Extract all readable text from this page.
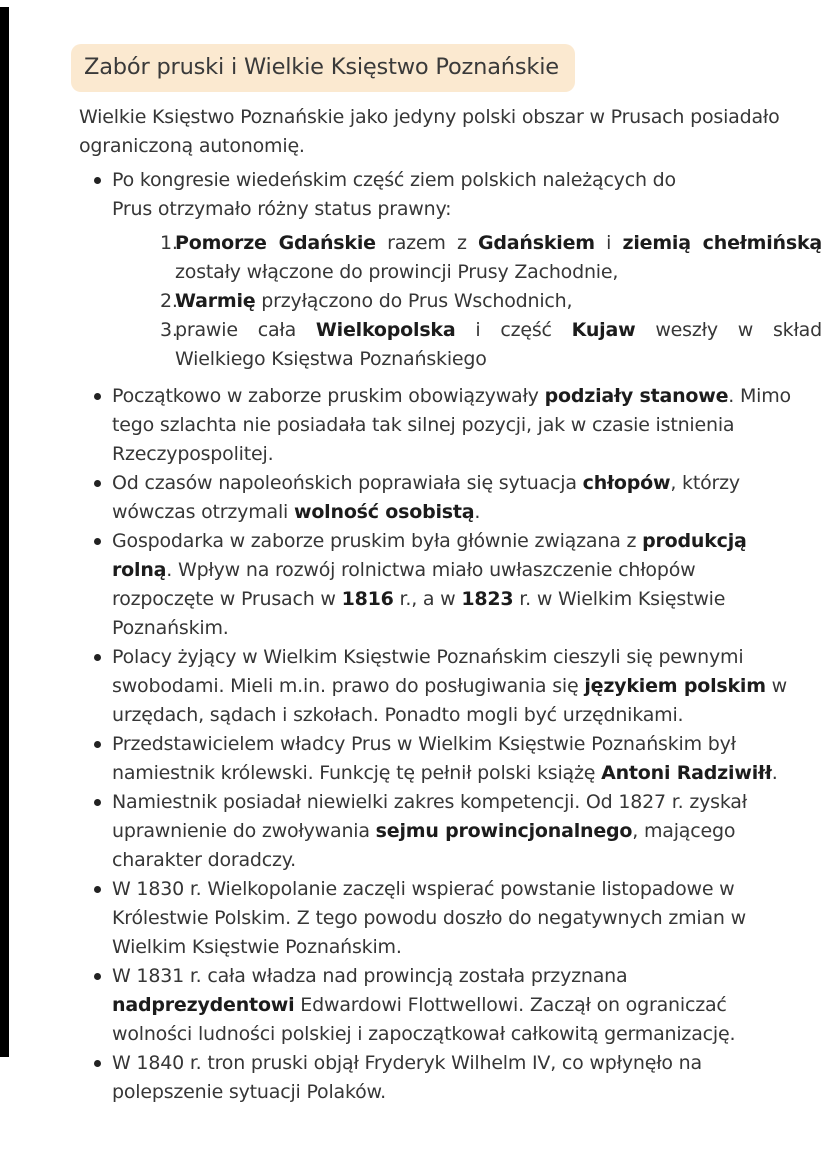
Zabór pruski i Wielkie Księstwo Poznańskie
Wielkie Księstwo Poznańskie jako jedyny polski obszar w Prusach posiadało
ograniczoną autonomię.
Po kongresie wiedeńskim część ziem polskich należących do
Prus otrzymało różny status prawny:
1.
Pomorze Gdańskie razem z Gdańskiem i ziemią chełmińską
zostały włączone do prowincji Prusy Zachodnie,
2.
Warmię przyłączono do Prus Wschodnich,
3.
prawie cała Wielkopolska i część Kujaw weszły w skład
Wielkiego Księstwa Poznańskiego
Początkowo w zaborze pruskim obowiązywały podziały stanowe. Mimo
tego szlachta nie posiadała tak silnej pozycji, jak w czasie istnienia
Rzeczypospolitej.
Od czasów napoleońskich poprawiała się sytuacja chłopów, którzy
wówczas otrzymali wolność osobistą.
Gospodarka w zaborze pruskim była głównie związana z produkcją
rolną. Wpływ na rozwój rolnictwa miało uwłaszczenie chłopów
rozpoczęte w Prusach w 1816 r., a w 1823 r. w Wielkim Księstwie
Poznańskim.
Polacy żyjący w Wielkim Księstwie Poznańskim cieszyli się pewnymi
swobodami. Mieli m.in. prawo do posługiwania się językiem polskim w
urzędach, sądach i szkołach. Ponadto mogli być urzędnikami.
Przedstawicielem władcy Prus w Wielkim Księstwie Poznańskim był
namiestnik królewski. Funkcję tę pełnił polski książę Antoni Radziwiłł.
Namiestnik posiadał niewielki zakres kompetencji. Od 1827 r. zyskał
uprawnienie do zwoływania sejmu prowincjonalnego, mającego
charakter doradczy.
W 1830 r. Wielkopolanie zaczęli wspierać powstanie listopadowe w
Królestwie Polskim. Z tego powodu doszło do negatywnych zmian w
Wielkim Księstwie Poznańskim.
W 1831 r. cała władza nad prowincją została przyznana
nadprezydentowi Edwardowi Flottwellowi. Zaczął on ograniczać
wolności ludności polskiej i zapoczątkował całkowitą germanizację.
W 1840 r. tron pruski objął Fryderyk Wilhelm IV, co wpłynęło na
polepszenie sytuacji Polaków.
